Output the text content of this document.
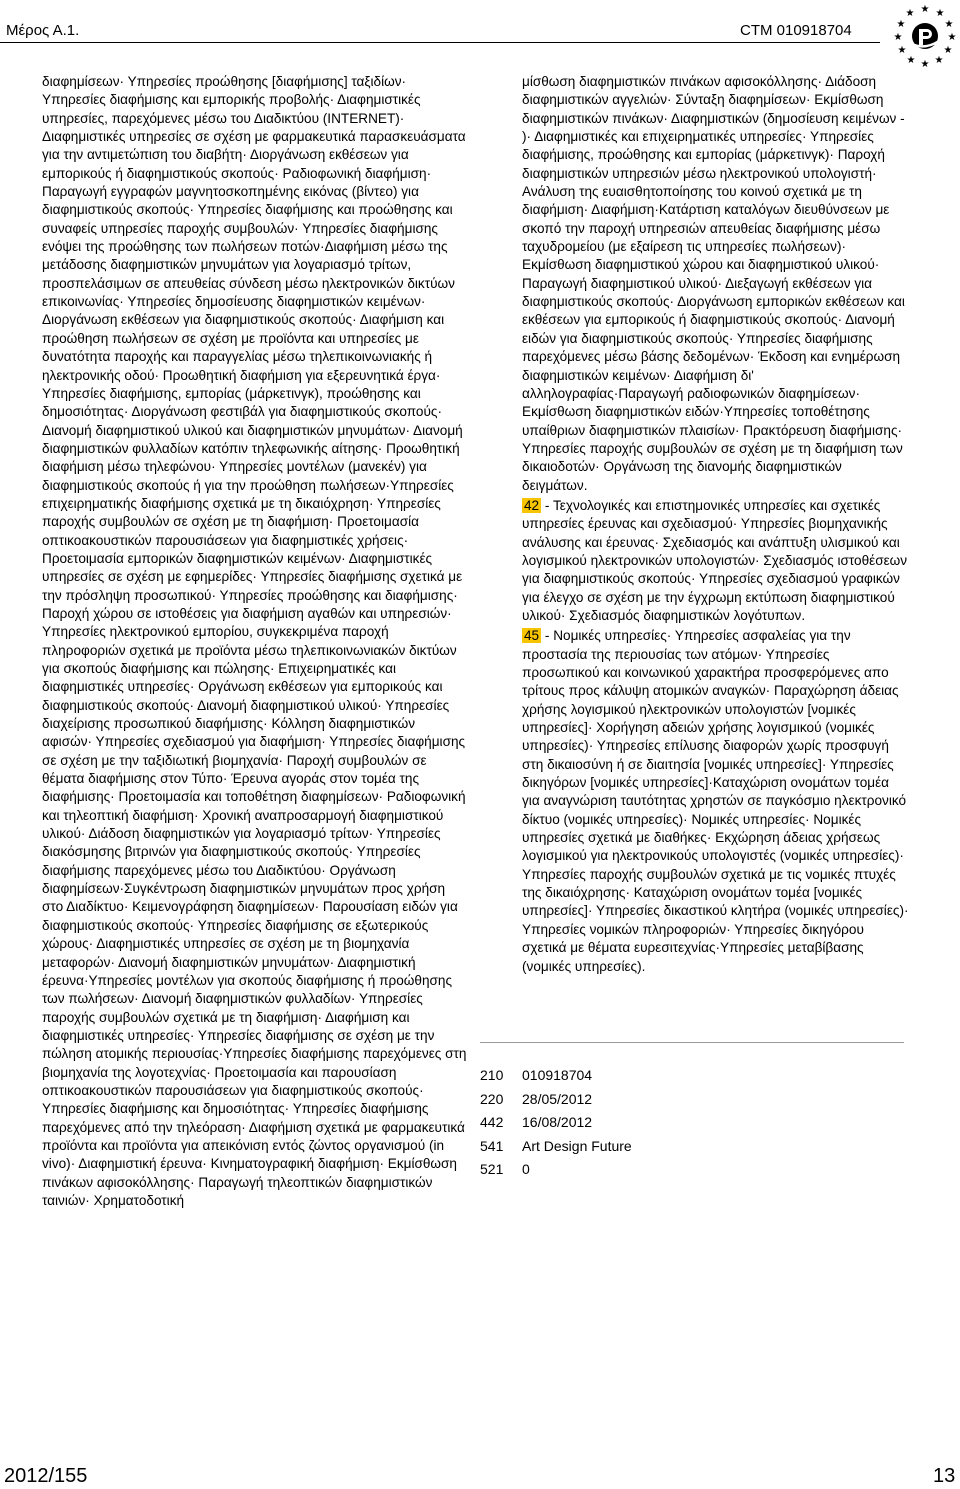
Μέρος Α.1.	CTM 010918704
★ ★
★
★
★
★
★
★
★
★
★ ★

διαφημίσεων· Υπηρεσίες προώθησης [διαφήμισης] ταξιδίων· Υπηρεσίες διαφήμισης και εμπορικής προβολής· Διαφημιστικές υπηρεσίες, παρεχόμενες μέσω του Διαδικτύου (INTERNET)· Διαφημιστικές υπηρεσίες σε σχέση με φαρμακευτικά παρασκευάσματα για την αντιμετώπιση του διαβήτη· Διοργάνωση εκθέσεων για εμπορικούς ή διαφημιστικούς σκοπούς· Ραδιοφωνική διαφήμιση· Παραγωγή εγγραφών μαγνητοσκοπημένης εικόνας (βίντεο) για διαφημιστικούς σκοπούς· Υπηρεσίες διαφήμισης και προώθησης και συναφείς υπηρεσίες παροχής συμβουλών· Υπηρεσίες διαφήμισης ενόψει της προώθησης των πωλήσεων ποτών·Διαφήμιση μέσω της μετάδοσης διαφημιστικών μηνυμάτων για λογαριασμό τρίτων, προσπελάσιμων σε απευθείας σύνδεση μέσω ηλεκτρονικών δικτύων επικοινωνίας· Υπηρεσίες δημοσίευσης διαφημιστικών κειμένων· Διοργάνωση εκθέσεων για διαφημιστικούς σκοπούς· Διαφήμιση και προώθηση πωλήσεων σε σχέση με προϊόντα και υπηρεσίες με δυνατότητα παροχής και παραγγελίας μέσω τηλεπικοινωνιακής ή ηλεκτρονικής οδού· Προωθητική διαφήμιση για εξερευνητικά έργα· Υπηρεσίες διαφήμισης, εμπορίας (μάρκετινγκ), προώθησης και δημοσιότητας· Διοργάνωση φεστιβάλ για διαφημιστικούς σκοπούς· Διανομή διαφημιστικού υλικού και διαφημιστικών μηνυμάτων· Διανομή διαφημιστικών φυλλαδίων κατόπιν τηλεφωνικής αίτησης· Προωθητική διαφήμιση μέσω τηλεφώνου· Υπηρεσίες μοντέλων (μανεκέν) για διαφημιστικούς σκοπούς ή για την προώθηση πωλήσεων·Υπηρεσίες επιχειρηματικής διαφήμισης σχετικά με τη δικαιόχρηση· Υπηρεσίες παροχής συμβουλών σε σχέση με τη διαφήμιση· Προετοιμασία οπτικοακουστικών παρουσιάσεων για διαφημιστικές χρήσεις· Προετοιμασία εμπορικών διαφημιστικών κειμένων· Διαφημιστικές υπηρεσίες σε σχέση με εφημερίδες· Υπηρεσίες διαφήμισης σχετικά με την πρόσληψη προσωπικού· Υπηρεσίες προώθησης και διαφήμισης· Παροχή χώρου σε ιστοθέσεις για διαφήμιση αγαθών και υπηρεσιών· Υπηρεσίες ηλεκτρονικού εμπορίου, συγκεκριμένα παροχή πληροφοριών σχετικά με προϊόντα μέσω τηλεπικοινωνιακών δικτύων για σκοπούς διαφήμισης και πώλησης· Επιχειρηματικές και διαφημιστικές υπηρεσίες· Οργάνωση εκθέσεων για εμπορικούς και διαφημιστικούς σκοπούς· Διανομή διαφημιστικού υλικού· Υπηρεσίες διαχείρισης προσωπικού διαφήμισης· Κόλληση διαφημιστικών αφισών· Υπηρεσίες σχεδιασμού για διαφήμιση· Υπηρεσίες διαφήμισης σε σχέση με την ταξιδιωτική βιομηχανία· Παροχή συμβουλών σε θέματα διαφήμισης στον Τύπο· Έρευνα αγοράς στον τομέα της διαφήμισης· Προετοιμασία και τοποθέτηση διαφημίσεων· Ραδιοφωνική και τηλεοπτική διαφήμιση· Χρονική αναπροσαρμογή διαφημιστικού υλικού· Διάδοση διαφημιστικών για λογαριασμό τρίτων· Υπηρεσίες διακόσμησης βιτρινών για διαφημιστικούς σκοπούς· Υπηρεσίες διαφήμισης παρεχόμενες μέσω του Διαδικτύου· Οργάνωση διαφημίσεων·Συγκέντρωση διαφημιστικών μηνυμάτων προς χρήση στο Διαδίκτυο· Κειμενογράφηση διαφημίσεων· Παρουσίαση ειδών για διαφημιστικούς σκοπούς· Υπηρεσίες διαφήμισης σε εξωτερικούς χώρους· Διαφημιστικές υπηρεσίες σε σχέση με τη βιομηχανία μεταφορών· Διανομή διαφημιστικών μηνυμάτων· Διαφημιστική έρευνα·Υπηρεσίες μοντέλων για σκοπούς διαφήμισης ή προώθησης των πωλήσεων· Διανομή διαφημιστικών φυλλαδίων· Υπηρεσίες παροχής συμβουλών σχετικά με τη διαφήμιση· Διαφήμιση και διαφημιστικές υπηρεσίες· Υπηρεσίες διαφήμισης σε σχέση με την πώληση ατομικής περιουσίας·Υπηρεσίες διαφήμισης παρεχόμενες στη βιομηχανία της λογοτεχνίας· Προετοιμασία και παρουσίαση οπτικοακουστικών παρουσιάσεων για διαφημιστικούς σκοπούς· Υπηρεσίες διαφήμισης και δημοσιότητας· Υπηρεσίες διαφήμισης παρεχόμενες από την τηλεόραση· Διαφήμιση σχετικά με φαρμακευτικά προϊόντα και προϊόντα για απεικόνιση εντός ζώντος οργανισμού (in vivo)· Διαφημιστική έρευνα· Κινηματογραφική διαφήμιση· Εκμίσθωση πινάκων αφισοκόλλησης· Παραγωγή τηλεοπτικών διαφημιστικών ταινιών· Χρηματοδοτική

μίσθωση διαφημιστικών πινάκων αφισοκόλλησης· Διάδοση διαφημιστικών αγγελιών· Σύνταξη διαφημίσεων· Εκμίσθωση διαφημιστικών πινάκων· Διαφημιστικών (δημοσίευση κειμένων - )· Διαφημιστικές και επιχειρηματικές υπηρεσίες· Υπηρεσίες διαφήμισης, προώθησης και εμπορίας (μάρκετινγκ)· Παροχή διαφημιστικών υπηρεσιών μέσω ηλεκτρονικού υπολογιστή· Ανάλυση της ευαισθητοποίησης του κοινού σχετικά με τη διαφήμιση· Διαφήμιση·Κατάρτιση καταλόγων διευθύνσεων με σκοπό την παροχή υπηρεσιών απευθείας διαφήμισης μέσω ταχυδρομείου (με εξαίρεση τις υπηρεσίες πωλήσεων)· Εκμίσθωση διαφημιστικού χώρου και διαφημιστικού υλικού· Παραγωγή διαφημιστικού υλικού· Διεξαγωγή εκθέσεων για διαφημιστικούς σκοπούς· Διοργάνωση εμπορικών εκθέσεων και εκθέσεων για εμπορικούς ή διαφημιστικούς σκοπούς· Διανομή ειδών για διαφημιστικούς σκοπούς· Υπηρεσίες διαφήμισης παρεχόμενες μέσω βάσης δεδομένων· Έκδοση και ενημέρωση διαφημιστικών κειμένων· Διαφήμιση δι' αλληλογραφίας·Παραγωγή ραδιοφωνικών διαφημίσεων· Εκμίσθωση διαφημιστικών ειδών·Υπηρεσίες τοποθέτησης υπαίθριων διαφημιστικών πλαισίων· Πρακτόρευση διαφήμισης· Υπηρεσίες παροχής συμβουλών σε σχέση με τη διαφήμιση των δικαιοδοτών· Οργάνωση της διανομής διαφημιστικών δειγμάτων.

42 - Τεχνολογικές και επιστημονικές υπηρεσίες και σχετικές υπηρεσίες έρευνας και σχεδιασμού· Υπηρεσίες βιομηχανικής ανάλυσης και έρευνας· Σχεδιασμός και ανάπτυξη υλισμικού και λογισμικού ηλεκτρονικών υπολογιστών· Σχεδιασμός ιστοθέσεων για διαφημιστικούς σκοπούς· Υπηρεσίες σχεδιασμού γραφικών για έλεγχο σε σχέση με την έγχρωμη εκτύπωση διαφημιστικού υλικού· Σχεδιασμός διαφημιστικών λογότυπων.

45 - Νομικές υπηρεσίες· Υπηρεσίες ασφαλείας για την προστασία της περιουσίας των ατόμων· Υπηρεσίες προσωπικού και κοινωνικού χαρακτήρα προσφερόμενες απο τρίτους προς κάλυψη ατομικών αναγκών· Παραχώρηση άδειας χρήσης λογισμικού ηλεκτρονικών υπολογιστών [νομικές υπηρεσίες]· Χορήγηση αδειών χρήσης λογισμικού (νομικές υπηρεσίες)· Υπηρεσίες επίλυσης διαφορών χωρίς προσφυγή στη δικαιοσύνη ή σε διαιτησία [νομικές υπηρεσίες]· Υπηρεσίες δικηγόρων [νομικές υπηρεσίες]·Καταχώριση ονομάτων τομέα για αναγνώριση ταυτότητας χρηστών σε παγκόσμιο ηλεκτρονικό δίκτυο (νομικές υπηρεσίες)· Νομικές υπηρεσίες· Νομικές υπηρεσίες σχετικά με διαθήκες· Εκχώρηση άδειας χρήσεως λογισμικού για ηλεκτρονικούς υπολογιστές (νομικές υπηρεσίες)· Υπηρεσίες παροχής συμβουλών σχετικά με τις νομικές πτυχές της δικαιόχρησης· Καταχώριση ονομάτων τομέα [νομικές υπηρεσίες]· Υπηρεσίες δικαστικού κλητήρα (νομικές υπηρεσίες)· Υπηρεσίες νομικών πληροφοριών· Υπηρεσίες δικηγόρου σχετικά με θέματα ευρεσιτεχνίας·Υπηρεσίες μεταβίβασης (νομικές υπηρεσίες).

210 010918704
220 28/05/2012
442 16/08/2012
541 Art Design Future
521 0
2012/155	13
